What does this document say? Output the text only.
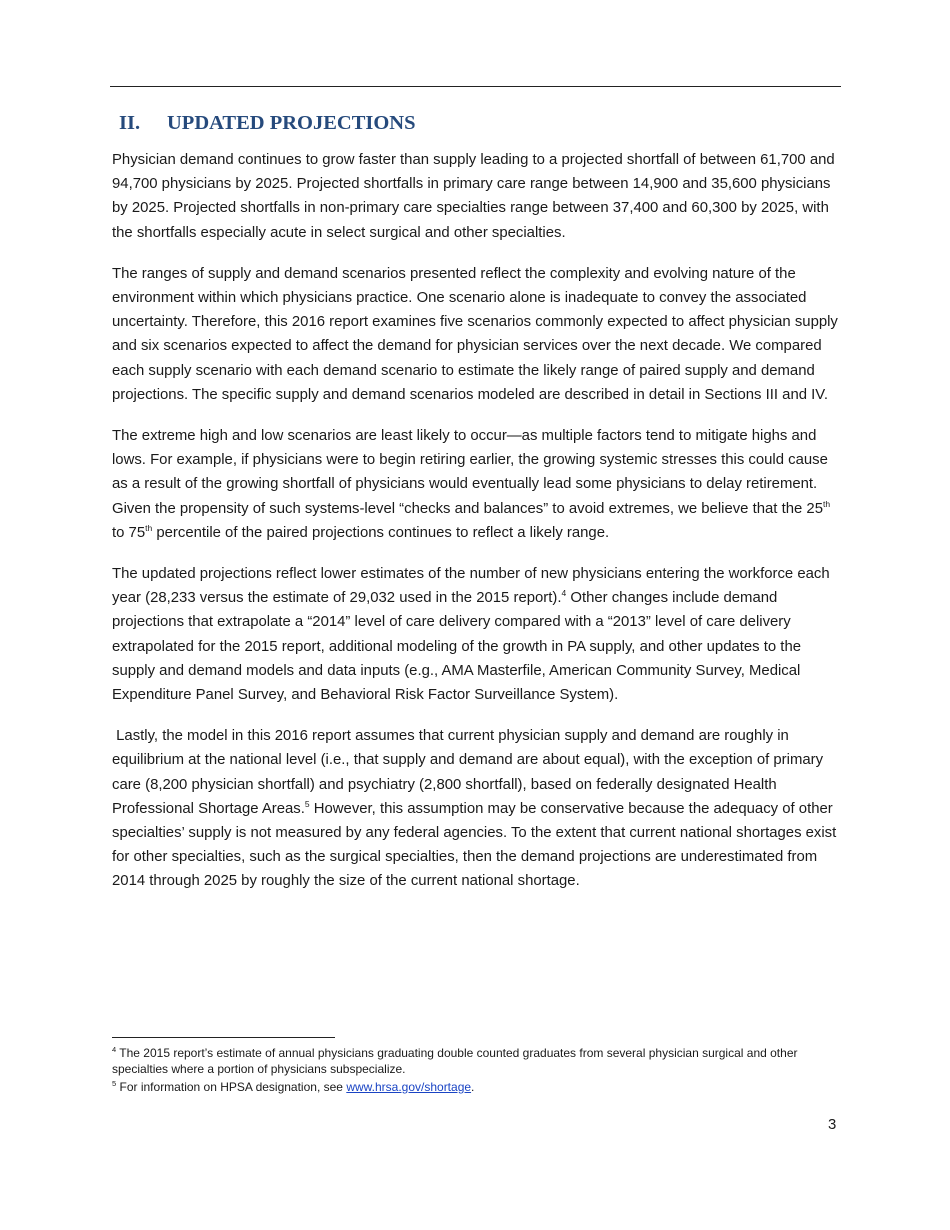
II. UPDATED PROJECTIONS

Physician demand continues to grow faster than supply leading to a projected shortfall of between 61,700 and 94,700 physicians by 2025. Projected shortfalls in primary care range between 14,900 and 35,600 physicians by 2025. Projected shortfalls in non-primary care specialties range between 37,400 and 60,300 by 2025, with the shortfalls especially acute in select surgical and other specialties.

The ranges of supply and demand scenarios presented reflect the complexity and evolving nature of the environment within which physicians practice. One scenario alone is inadequate to convey the associated uncertainty. Therefore, this 2016 report examines five scenarios commonly expected to affect physician supply and six scenarios expected to affect the demand for physician services over the next decade. We compared each supply scenario with each demand scenario to estimate the likely range of paired supply and demand projections. The specific supply and demand scenarios modeled are described in detail in Sections III and IV.

The extreme high and low scenarios are least likely to occur—as multiple factors tend to mitigate highs and lows. For example, if physicians were to begin retiring earlier, the growing systemic stresses this could cause as a result of the growing shortfall of physicians would eventually lead some physicians to delay retirement. Given the propensity of such systems-level “checks and balances” to avoid extremes, we believe that the 25th to 75th percentile of the paired projections continues to reflect a likely range.

The updated projections reflect lower estimates of the number of new physicians entering the workforce each year (28,233 versus the estimate of 29,032 used in the 2015 report).$^4$ Other changes include demand projections that extrapolate a “2014” level of care delivery compared with a “2013” level of care delivery extrapolated for the 2015 report, additional modeling of the growth in PA supply, and other updates to the supply and demand models and data inputs (e.g., AMA Masterfile, American Community Survey, Medical Expenditure Panel Survey, and Behavioral Risk Factor Surveillance System).

Lastly, the model in this 2016 report assumes that current physician supply and demand are roughly in equilibrium at the national level (i.e., that supply and demand are about equal), with the exception of primary care (8,200 physician shortfall) and psychiatry (2,800 shortfall), based on federally designated Health Professional Shortage Areas.$^5$ However, this assumption may be conservative because the adequacy of other specialties’ supply is not measured by any federal agencies. To the extent that current national shortages exist for other specialties, such as the surgical specialties, then the demand projections are underestimated from 2014 through 2025 by roughly the size of the current national shortage.

$^4$ The 2015 report’s estimate of annual physicians graduating double counted graduates from several physician surgical and other specialties where a portion of physicians subspecialize.

$^5$ For information on HPSA designation, see www.hrsa.gov/shortage.

3
